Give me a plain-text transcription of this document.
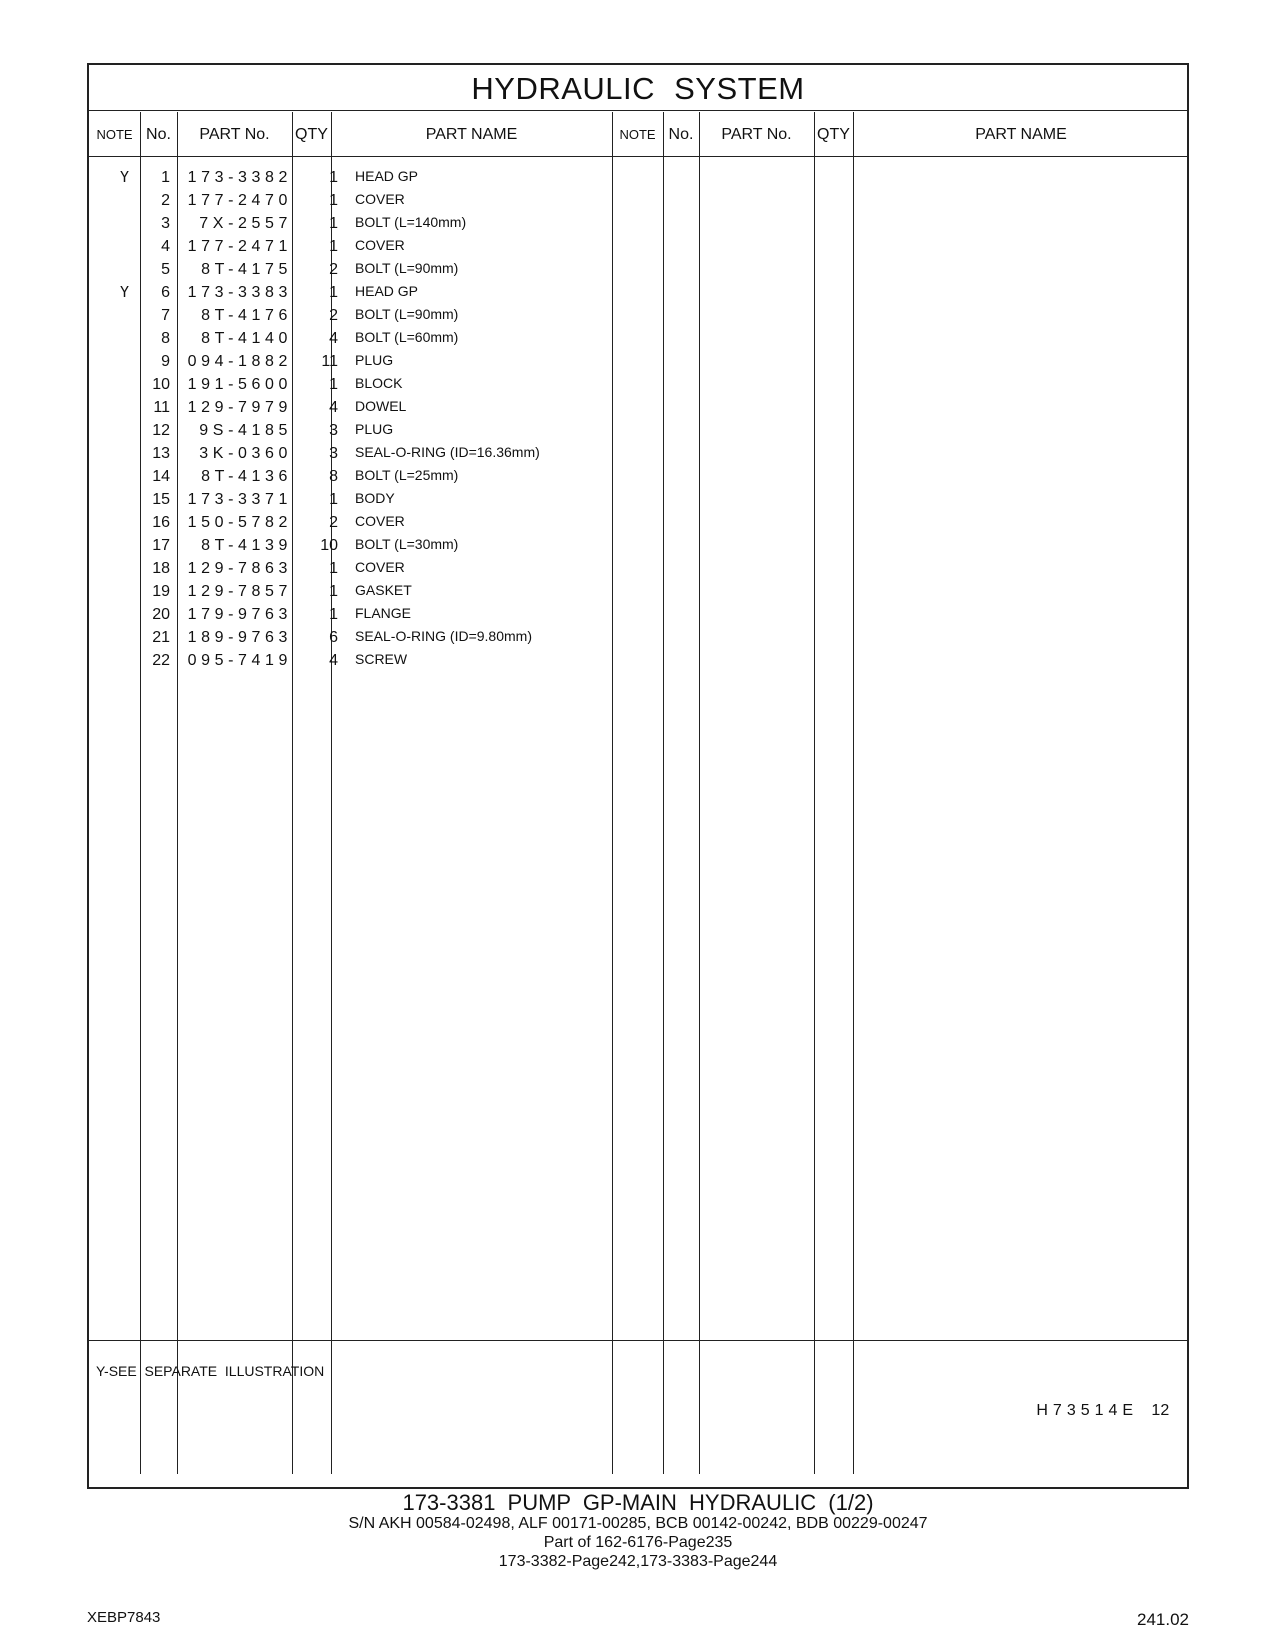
HYDRAULIC SYSTEM
NOTE No.	PART No.	QTY	PART NAME	NOTE No.	PART No.	QTY	PART NAME
Y	1	173-3382	1	HEAD GP
2	177-2470	1	COVER
3	7X-2557	1	BOLT (L=140mm)
4	177-2471	1	COVER
5	8T-4175	2	BOLT (L=90mm)
Y	6	173-3383	1	HEAD GP
7	8T-4176	2	BOLT (L=90mm)
8	8T-4140	4	BOLT (L=60mm)
9	094-1882	11	PLUG
10	191-5600	1	BLOCK
11	129-7979	4	DOWEL
12	9S-4185	3	PLUG
13	3K-0360	3	SEAL-O-RING (ID=16.36mm)
14	8T-4136	8	BOLT (L=25mm)
15	173-3371	1	BODY
16	150-5782	2	COVER
17	8T-4139	10	BOLT (L=30mm)
18	129-7863	1	COVER
19	129-7857	1	GASKET
20	179-9763	1	FLANGE
21	189-9763	6	SEAL-O-RING (ID=9.80mm)
22	095-7419	4	SCREW
Y-SEE  SEPARATE  ILLUSTRATION
H73514E 12
173-3381 PUMP GP-MAIN HYDRAULIC (1/2)
S/N AKH 00584-02498, ALF 00171-00285, BCB 00142-00242, BDB 00229-00247
Part of 162-6176-Page235
173-3382-Page242,173-3383-Page244
XEBP7843	241.02
